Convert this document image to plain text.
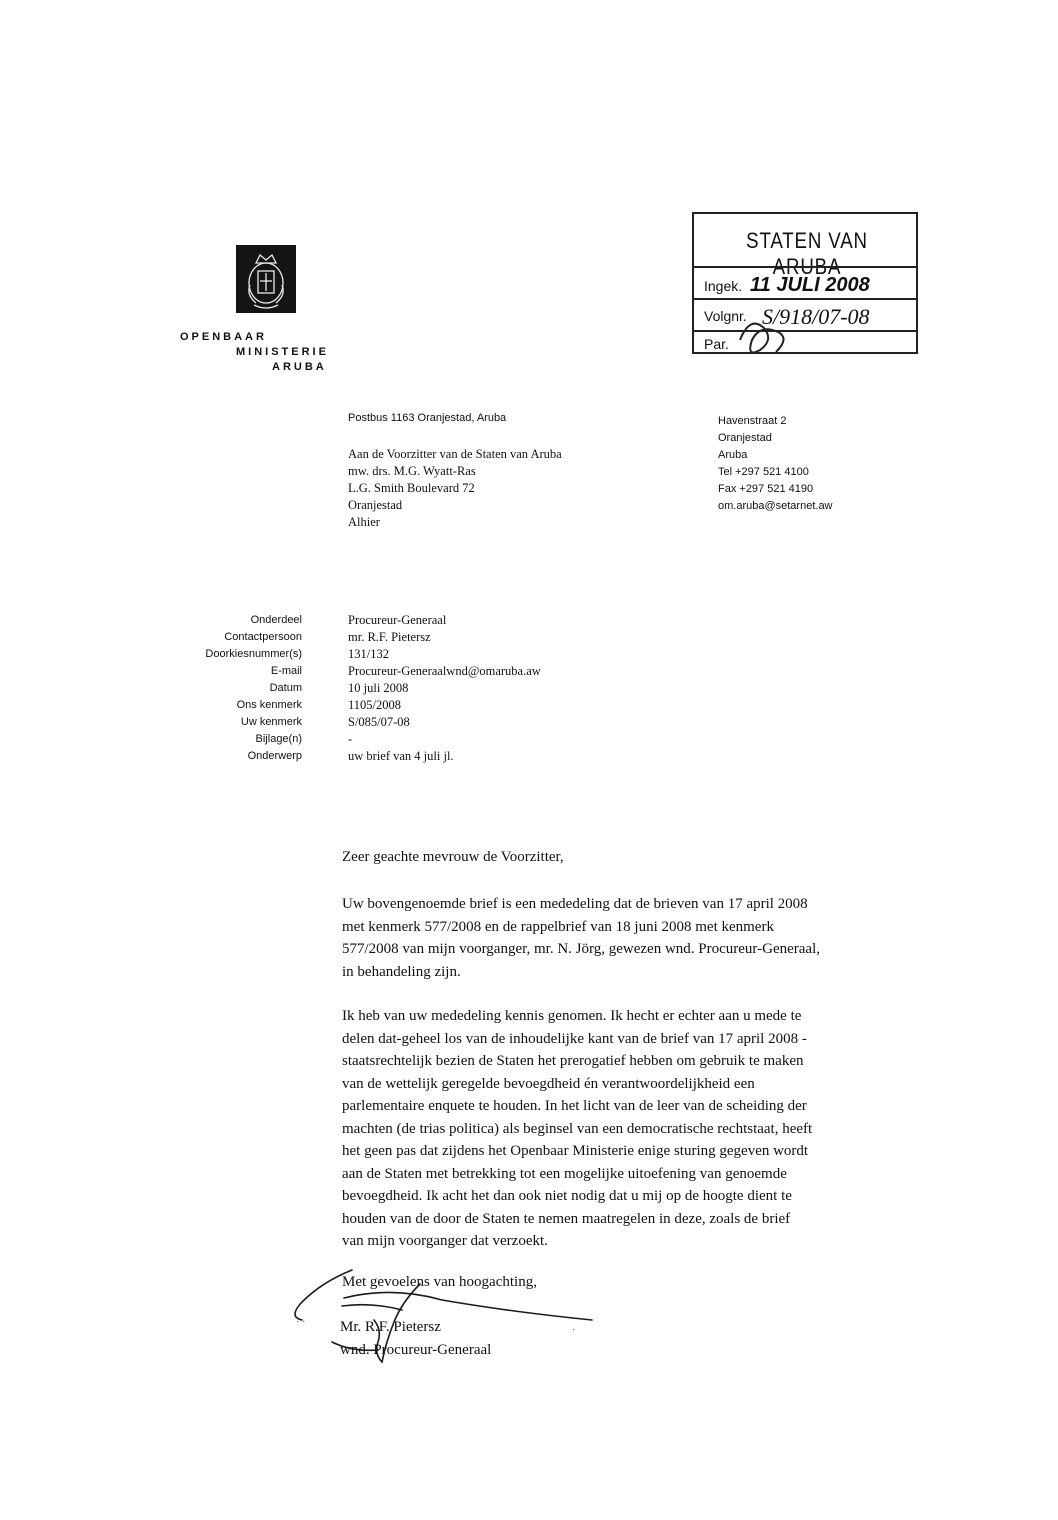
OPENBAAR
MINISTERIE
ARUBA
STATEN VAN ARUBA
Ingek. 11 JULI 2008
Volgnr. S/918/07-08
Par.
Postbus 1163 Oranjestad, Aruba
Aan de Voorzitter van de Staten van Aruba
mw. drs. M.G. Wyatt-Ras
L.G. Smith Boulevard 72
Oranjestad
Alhier
Havenstraat 2
Oranjestad
Aruba
Tel +297 521 4100
Fax +297 521 4190
om.aruba@setarnet.aw
Onderdeel	Procureur-Generaal
Contactpersoon	mr. R.F. Pietersz
Doorkiesnummer(s)	131/132
E-mail	Procureur-Generaalwnd@omaruba.aw
Datum	10 juli 2008
Ons kenmerk	1105/2008
Uw kenmerk	S/085/07-08
Bijlage(n)	-
Onderwerp	uw brief van 4 juli jl.
Zeer geachte mevrouw de Voorzitter,
Uw bovengenoemde brief is een mededeling dat de brieven van 17 april 2008
met kenmerk 577/2008 en de rappelbrief van 18 juni 2008 met kenmerk
577/2008 van mijn voorganger, mr. N. Jörg, gewezen wnd. Procureur-Generaal,
in behandeling zijn.
Ik heb van uw mededeling kennis genomen. Ik hecht er echter aan u mede te
delen dat-geheel los van de inhoudelijke kant van de brief van 17 april 2008 -
staatsrechtelijk bezien de Staten het prerogatief hebben om gebruik te maken
van de wettelijk geregelde bevoegdheid én verantwoordelijkheid een
parlementaire enquete te houden. In het licht van de leer van de scheiding der
machten (de trias politica) als beginsel van een democratische rechtstaat, heeft
het geen pas dat zijdens het Openbaar Ministerie enige sturing gegeven wordt
aan de Staten met betrekking tot een mogelijke uitoefening van genoemde
bevoegdheid. Ik acht het dan ook niet nodig dat u mij op de hoogte dient te
houden van de door de Staten te nemen maatregelen in deze, zoals de brief
van mijn voorganger dat verzoekt.
Met gevoelens van hoogachting,
·
· · Mr. R.F. Pietersz
wnd. Procureur-Generaal
